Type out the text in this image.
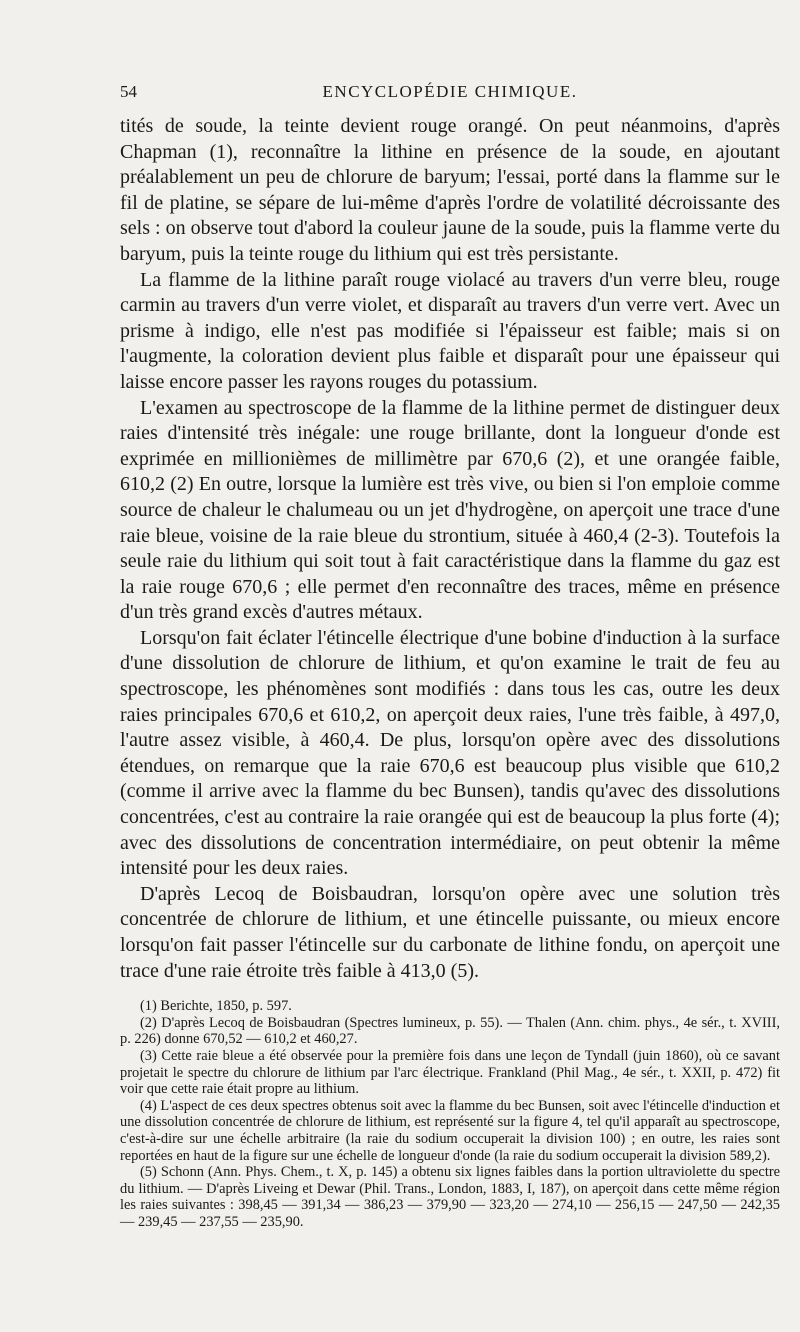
54	ENCYCLOPÉDIE CHIMIQUE.

tités de soude, la teinte devient rouge orangé. On peut néanmoins, d'après Chapman (1), reconnaître la lithine en présence de la soude, en ajoutant préalablement un peu de chlorure de baryum; l'essai, porté dans la flamme sur le fil de platine, se sépare de lui-même d'après l'ordre de volatilité décroissante des sels : on observe tout d'abord la couleur jaune de la soude, puis la flamme verte du baryum, puis la teinte rouge du lithium qui est très persistante.

La flamme de la lithine paraît rouge violacé au travers d'un verre bleu, rouge carmin au travers d'un verre violet, et disparaît au travers d'un verre vert. Avec un prisme à indigo, elle n'est pas modifiée si l'épaisseur est faible; mais si on l'augmente, la coloration devient plus faible et disparaît pour une épaisseur qui laisse encore passer les rayons rouges du potassium.

L'examen au spectroscope de la flamme de la lithine permet de distinguer deux raies d'intensité très inégale: une rouge brillante, dont la longueur d'onde est exprimée en millionièmes de millimètre par 670,6 (2), et une orangée faible, 610,2 (2) En outre, lorsque la lumière est très vive, ou bien si l'on emploie comme source de chaleur le chalumeau ou un jet d'hydrogène, on aperçoit une trace d'une raie bleue, voisine de la raie bleue du strontium, située à 460,4 (2-3). Toutefois la seule raie du lithium qui soit tout à fait caractéristique dans la flamme du gaz est la raie rouge 670,6 ; elle permet d'en reconnaître des traces, même en présence d'un très grand excès d'autres métaux.

Lorsqu'on fait éclater l'étincelle électrique d'une bobine d'induction à la surface d'une dissolution de chlorure de lithium, et qu'on examine le trait de feu au spectroscope, les phénomènes sont modifiés : dans tous les cas, outre les deux raies principales 670,6 et 610,2, on aperçoit deux raies, l'une très faible, à 497,0, l'autre assez visible, à 460,4. De plus, lorsqu'on opère avec des dissolutions étendues, on remarque que la raie 670,6 est beaucoup plus visible que 610,2 (comme il arrive avec la flamme du bec Bunsen), tandis qu'avec des dissolutions concentrées, c'est au contraire la raie orangée qui est de beaucoup la plus forte (4); avec des dissolutions de concentration intermédiaire, on peut obtenir la même intensité pour les deux raies.

D'après Lecoq de Boisbaudran, lorsqu'on opère avec une solution très concentrée de chlorure de lithium, et une étincelle puissante, ou mieux encore lorsqu'on fait passer l'étincelle sur du carbonate de lithine fondu, on aperçoit une trace d'une raie étroite très faible à 413,0 (5).

(1) Berichte, 1850, p. 597.

(2) D'après Lecoq de Boisbaudran (Spectres lumineux, p. 55). — Thalen (Ann. chim. phys., 4e sér., t. XVIII, p. 226) donne 670,52 — 610,2 et 460,27.

(3) Cette raie bleue a été observée pour la première fois dans une leçon de Tyndall (juin 1860), où ce savant projetait le spectre du chlorure de lithium par l'arc électrique. Frankland (Phil Mag., 4e sér., t. XXII, p. 472) fit voir que cette raie était propre au lithium.

(4) L'aspect de ces deux spectres obtenus soit avec la flamme du bec Bunsen, soit avec l'étincelle d'induction et une dissolution concentrée de chlorure de lithium, est représenté sur la figure 4, tel qu'il apparaît au spectroscope, c'est-à-dire sur une échelle arbitraire (la raie du sodium occuperait la division 100) ; en outre, les raies sont reportées en haut de la figure sur une échelle de longueur d'onde (la raie du sodium occuperait la division 589,2).

(5) Schonn (Ann. Phys. Chem., t. X, p. 145) a obtenu six lignes faibles dans la portion ultraviolette du spectre du lithium. — D'après Liveing et Dewar (Phil. Trans., London, 1883, I, 187), on aperçoit dans cette même région les raies suivantes : 398,45 — 391,34 — 386,23 — 379,90 — 323,20 — 274,10 — 256,15 — 247,50 — 242,35 — 239,45 — 237,55 — 235,90.
